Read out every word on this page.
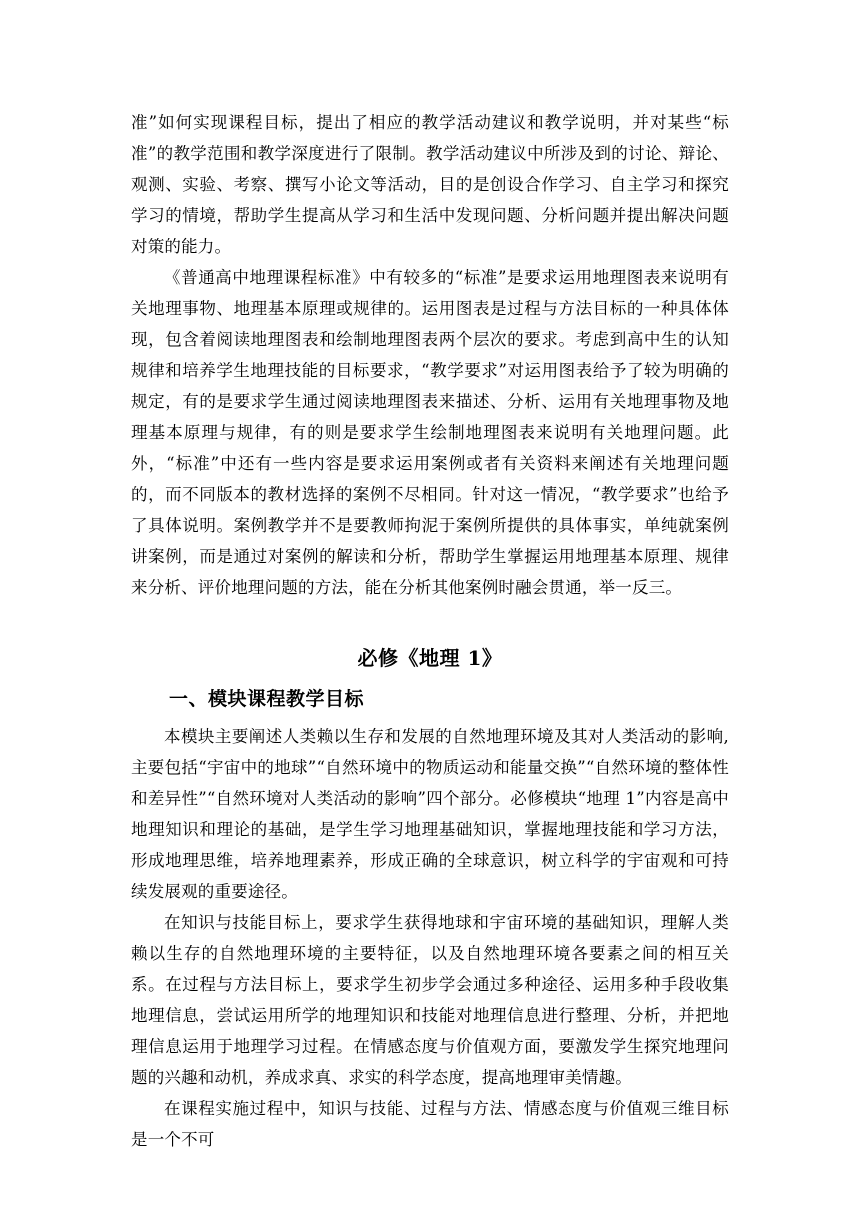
准”如何实现课程目标，提出了相应的教学活动建议和教学说明，并对某些“标准”的教学范围和教学深度进行了限制。教学活动建议中所涉及到的讨论、辩论、观测、实验、考察、撰写小论文等活动，目的是创设合作学习、自主学习和探究学习的情境，帮助学生提高从学习和生活中发现问题、分析问题并提出解决问题对策的能力。

《普通高中地理课程标准》中有较多的“标准”是要求运用地理图表来说明有关地理事物、地理基本原理或规律的。运用图表是过程与方法目标的一种具体体现，包含着阅读地理图表和绘制地理图表两个层次的要求。考虑到高中生的认知规律和培养学生地理技能的目标要求，“教学要求”对运用图表给予了较为明确的规定，有的是要求学生通过阅读地理图表来描述、分析、运用有关地理事物及地理基本原理与规律，有的则是要求学生绘制地理图表来说明有关地理问题。此外，“标准”中还有一些内容是要求运用案例或者有关资料来阐述有关地理问题的，而不同版本的教材选择的案例不尽相同。针对这一情况，“教学要求”也给予了具体说明。案例教学并不是要教师拘泥于案例所提供的具体事实，单纯就案例讲案例，而是通过对案例的解读和分析，帮助学生掌握运用地理基本原理、规律来分析、评价地理问题的方法，能在分析其他案例时融会贯通，举一反三。

必修《地理 1》
一、模块课程教学目标

本模块主要阐述人类赖以生存和发展的自然地理环境及其对人类活动的影响,主要包括“宇宙中的地球”“自然环境中的物质运动和能量交换”“自然环境的整体性和差异性”“自然环境对人类活动的影响”四个部分。必修模块“地理 1”内容是高中地理知识和理论的基础，是学生学习地理基础知识，掌握地理技能和学习方法，形成地理思维，培养地理素养，形成正确的全球意识，树立科学的宇宙观和可持续发展观的重要途径。

在知识与技能目标上，要求学生获得地球和宇宙环境的基础知识，理解人类赖以生存的自然地理环境的主要特征，以及自然地理环境各要素之间的相互关系。在过程与方法目标上，要求学生初步学会通过多种途径、运用多种手段收集地理信息，尝试运用所学的地理知识和技能对地理信息进行整理、分析，并把地理信息运用于地理学习过程。在情感态度与价值观方面，要激发学生探究地理问题的兴趣和动机，养成求真、求实的科学态度，提高地理审美情趣。

在课程实施过程中，知识与技能、过程与方法、情感态度与价值观三维目标是一个不可
